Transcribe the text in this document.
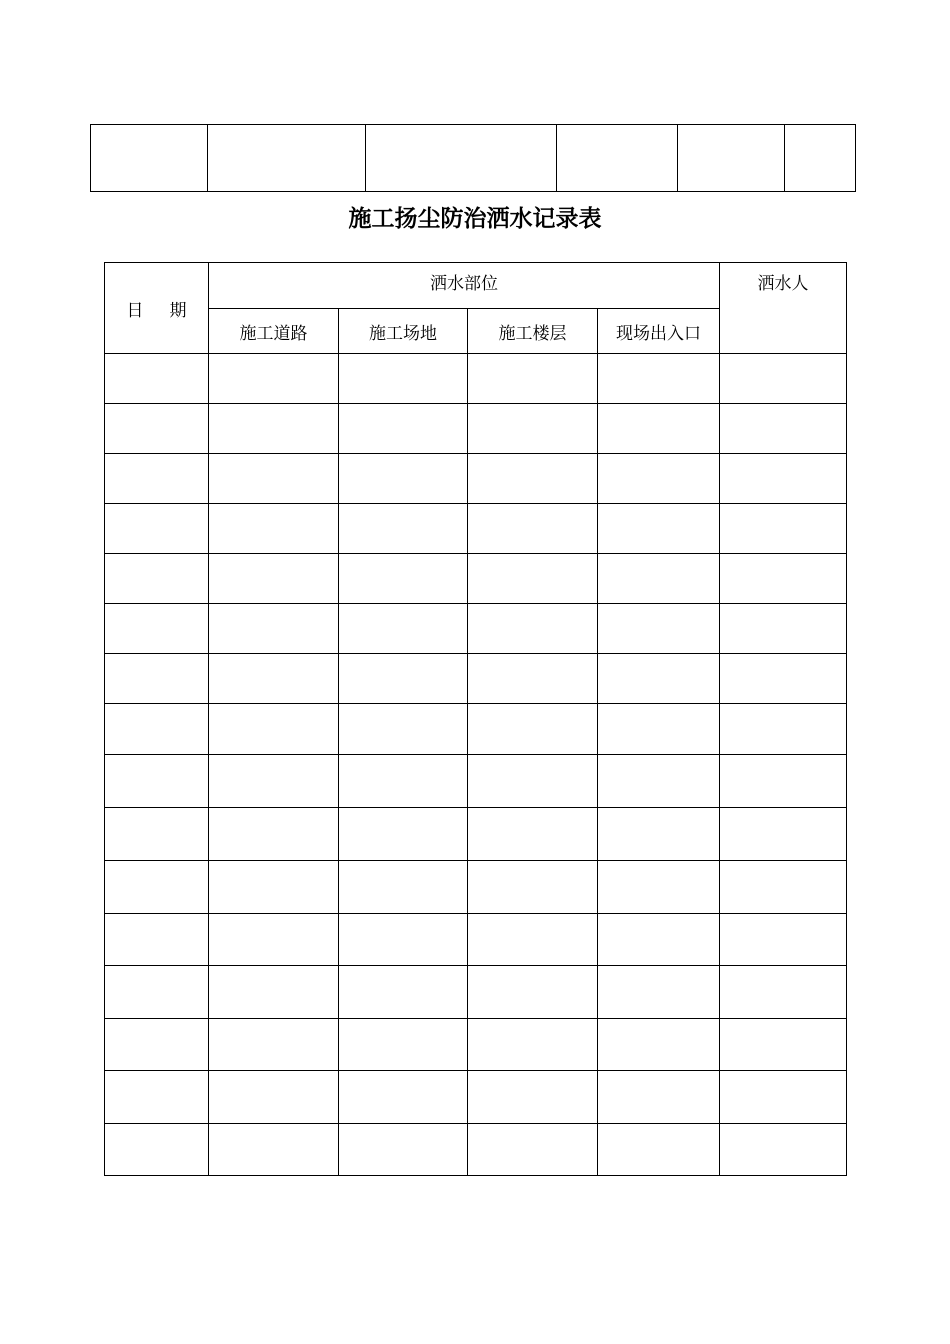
施工扬尘防治洒水记录表
日 期	洒水部位				洒水人
	施工道路	施工场地	施工楼层	现场出入口	
